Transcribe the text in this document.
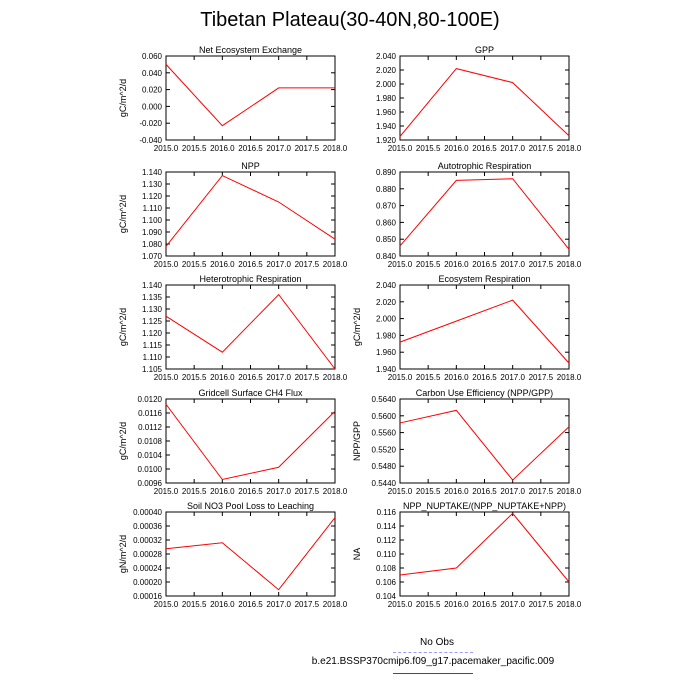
Tibetan Plateau(30-40N,80-100E)
Net Ecosystem Exchange
gC/m^2/d
-0.040
-0.020
0.000
0.020
0.040
0.060
2015.0 2015.5 2016.0 2016.5 2017.0 2017.5 2018.0
GPP
1.920
1.940
1.960
1.980
2.000
2.020
2.040
2015.0 2015.5 2016.0 2016.5 2017.0 2017.5 2018.0
NPP
gC/m^2/d
1.070
1.080
1.090
1.100
1.110
1.120
1.130
1.140
2015.0 2015.5 2016.0 2016.5 2017.0 2017.5 2018.0
Autotrophic Respiration
0.840
0.850
0.860
0.870
0.880
0.890
2015.0 2015.5 2016.0 2016.5 2017.0 2017.5 2018.0
Heterotrophic Respiration
gC/m^2/d
1.105
1.110
1.115
1.120
1.125
1.130
1.135
1.140
2015.0 2015.5 2016.0 2016.5 2017.0 2017.5 2018.0
Ecosystem Respiration
gC/m^2/d
1.940
1.960
1.980
2.000
2.020
2.040
2015.0 2015.5 2016.0 2016.5 2017.0 2017.5 2018.0
Gridcell Surface CH4 Flux
gC/m^2/d
0.0096
0.0100
0.0104
0.0108
0.0112
0.0116
0.0120
2015.0 2015.5 2016.0 2016.5 2017.0 2017.5 2018.0
Carbon Use Efficiency (NPP/GPP)
NPP/GPP
0.5440
0.5480
0.5520
0.5560
0.5600
0.5640
2015.0 2015.5 2016.0 2016.5 2017.0 2017.5 2018.0
Soil NO3 Pool Loss to Leaching
gN/m^2/d
0.00016
0.00020
0.00024
0.00028
0.00032
0.00036
0.00040
2015.0 2015.5 2016.0 2016.5 2017.0 2017.5 2018.0
NPP_NUPTAKE/(NPP_NUPTAKE+NPP)
NA
0.104
0.106
0.108
0.110
0.112
0.114
0.116
2015.0 2015.5 2016.0 2016.5 2017.0 2017.5 2018.0
No Obs
b.e21.BSSP370cmip6.f09_g17.pacemaker_pacific.009
